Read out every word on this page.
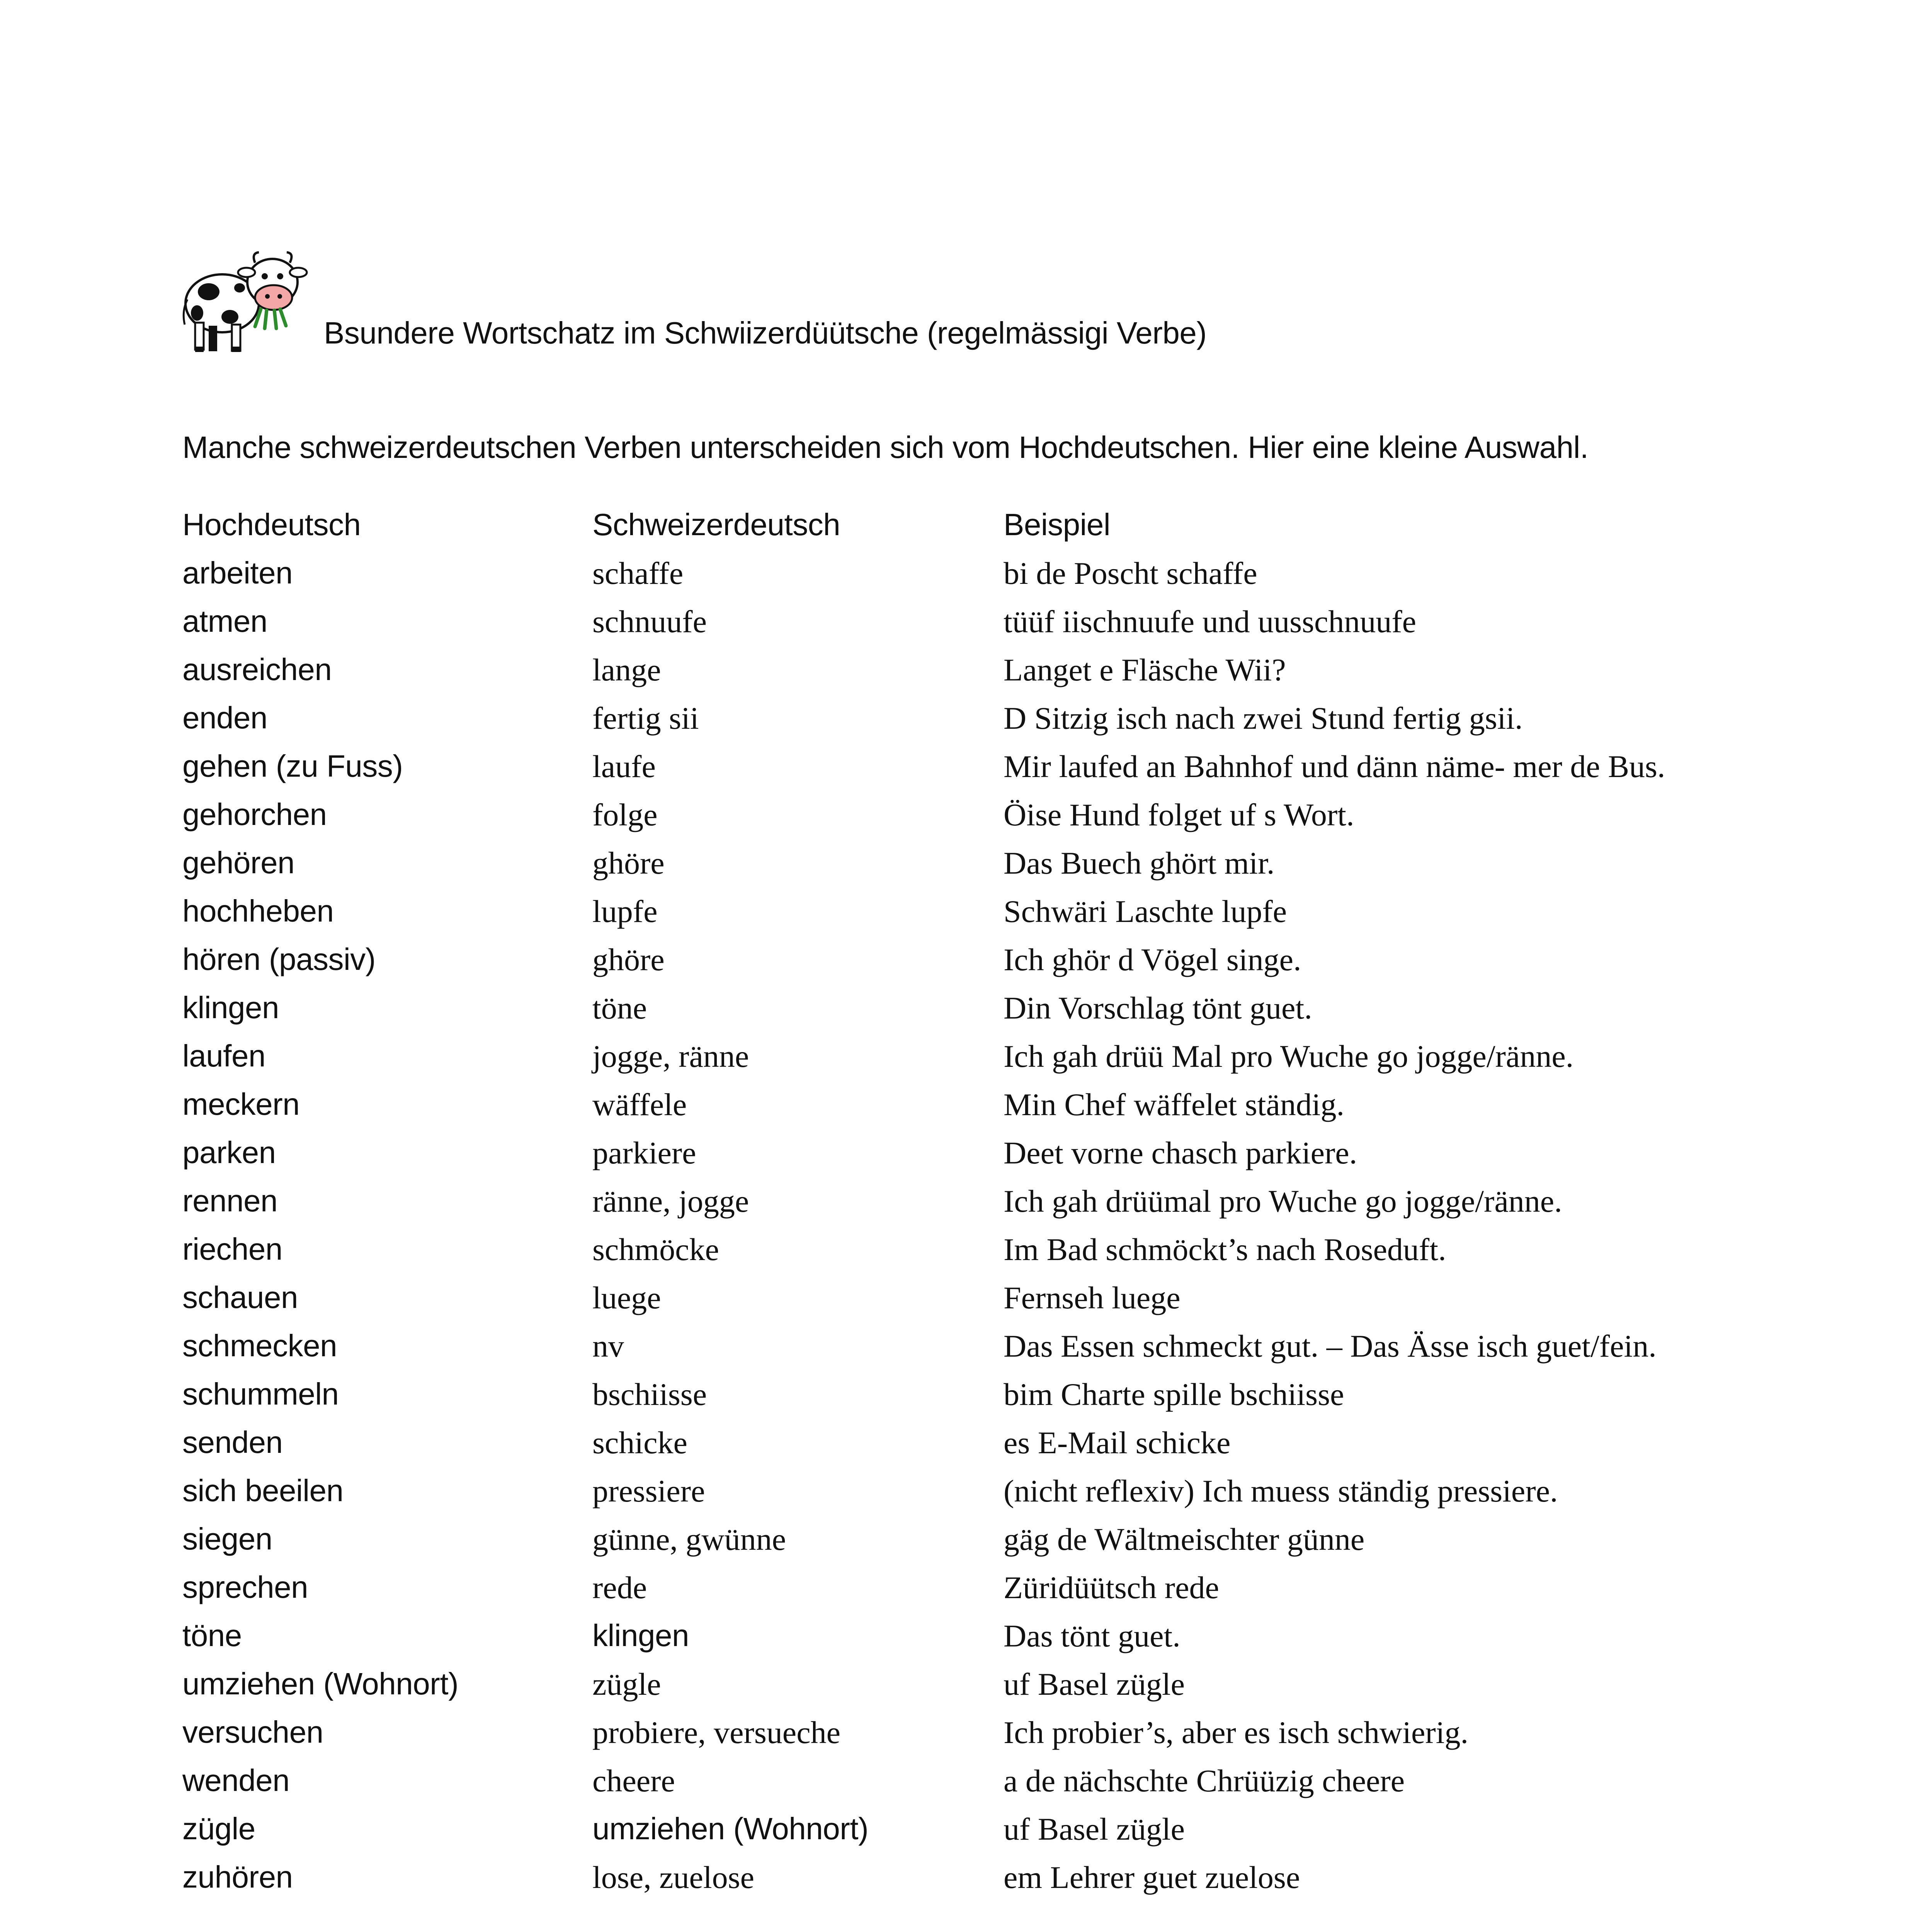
Bsundere Wortschatz im Schwiizerdüütsche (regelmässigi Verbe)
Manche schweizerdeutschen Verben unterscheiden sich vom Hochdeutschen. Hier eine kleine Auswahl.
Hochdeutsch	Schweizerdeutsch	Beispiel
arbeiten	schaffe	bi de Poscht schaffe
atmen	schnuufe	tüüf iischnuufe und uusschnuufe
ausreichen	lange	Langet e Fläsche Wii?
enden	fertig sii	D Sitzig isch nach zwei Stund fertig gsii.
gehen (zu Fuss)	laufe	Mir laufed an Bahnhof und dänn näme- mer de Bus.
gehorchen	folge	Öise Hund folget uf s Wort.
gehören	ghöre	Das Buech ghört mir.
hochheben	lupfe	Schwäri Laschte lupfe
hören (passiv)	ghöre	Ich ghör d Vögel singe.
klingen	töne	Din Vorschlag tönt guet.
laufen	jogge, ränne	Ich gah drüü Mal pro Wuche go jogge/ränne.
meckern	wäffele	Min Chef wäffelet ständig.
parken	parkiere	Deet vorne chasch parkiere.
rennen	ränne, jogge	Ich gah drüümal pro Wuche go jogge/ränne.
riechen	schmöcke	Im Bad schmöckt’s nach Roseduft.
schauen	luege	Fernseh luege
schmecken	nv	Das Essen schmeckt gut. – Das Ässe isch guet/fein.
schummeln	bschiisse	bim Charte spille bschiisse
senden	schicke	es E-Mail schicke
sich beeilen	pressiere	(nicht reflexiv) Ich muess ständig pressiere.
siegen	günne, gwünne	gäg de Wältmeischter günne
sprechen	rede	Züridüütsch rede
töne	klingen	Das tönt guet.
umziehen (Wohnort)	zügle	uf Basel zügle
versuchen	probiere, versueche	Ich probier’s, aber es isch schwierig.
wenden	cheere	a de nächschte Chrüüzig cheere
zügle	umziehen (Wohnort)	uf Basel zügle
zuhören	lose, zuelose	em Lehrer guet zuelose
